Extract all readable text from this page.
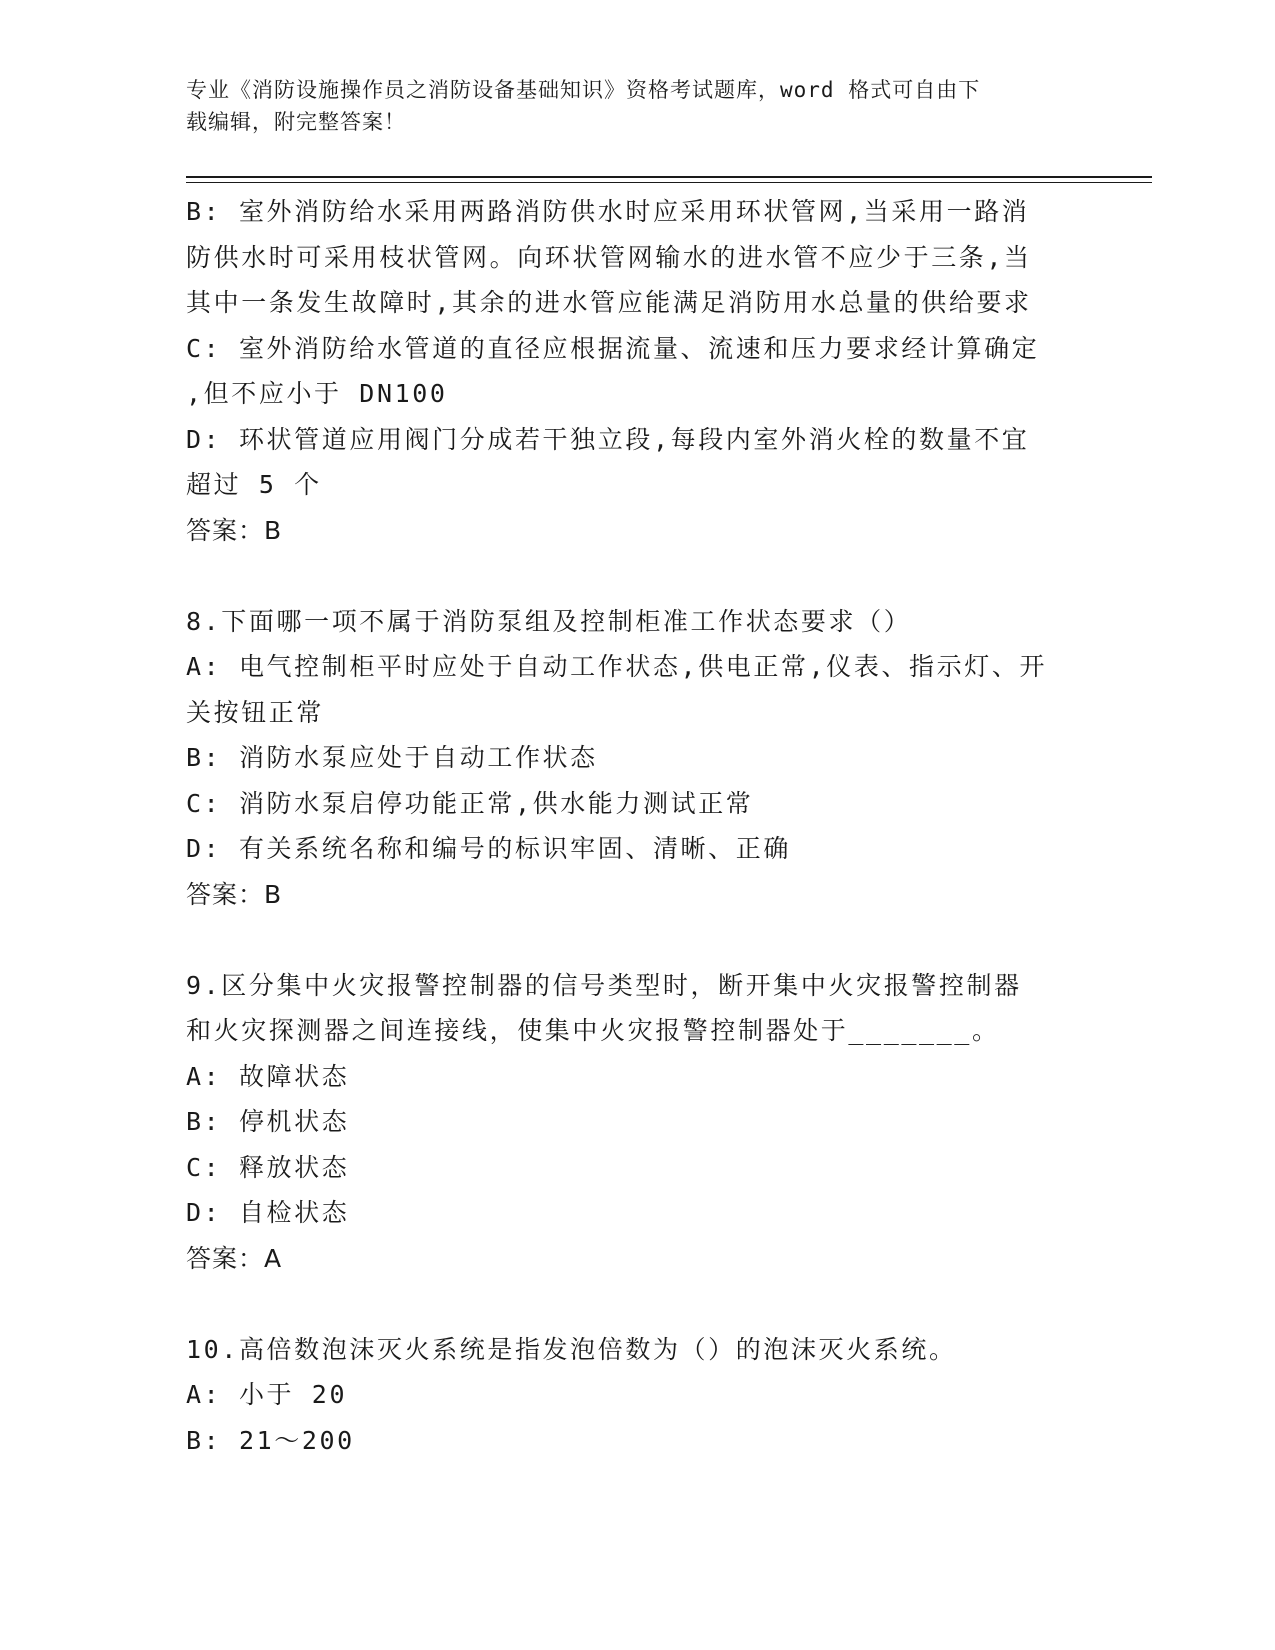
专业《消防设施操作员之消防设备基础知识》资格考试题库，word 格式可自由下
载编辑，附完整答案！
B: 室外消防给水采用两路消防供水时应采用环状管网,当采用一路消
防供水时可采用枝状管网。向环状管网输水的进水管不应少于三条,当
其中一条发生故障时,其余的进水管应能满足消防用水总量的供给要求
C: 室外消防给水管道的直径应根据流量、流速和压力要求经计算确定
,但不应小于 DN100
D: 环状管道应用阀门分成若干独立段,每段内室外消火栓的数量不宜
超过 5 个
答案：B
8.下面哪一项不属于消防泵组及控制柜准工作状态要求（）
A: 电气控制柜平时应处于自动工作状态,供电正常,仪表、指示灯、开
关按钮正常
B: 消防水泵应处于自动工作状态
C: 消防水泵启停功能正常,供水能力测试正常
D: 有关系统名称和编号的标识牢固、清晰、正确
答案：B
9.区分集中火灾报警控制器的信号类型时，断开集中火灾报警控制器
和火灾探测器之间连接线，使集中火灾报警控制器处于_______。
A: 故障状态
B: 停机状态
C: 释放状态
D: 自检状态
答案：A
10.高倍数泡沫灭火系统是指发泡倍数为（）的泡沫灭火系统。
A: 小于 20
B: 21～200
